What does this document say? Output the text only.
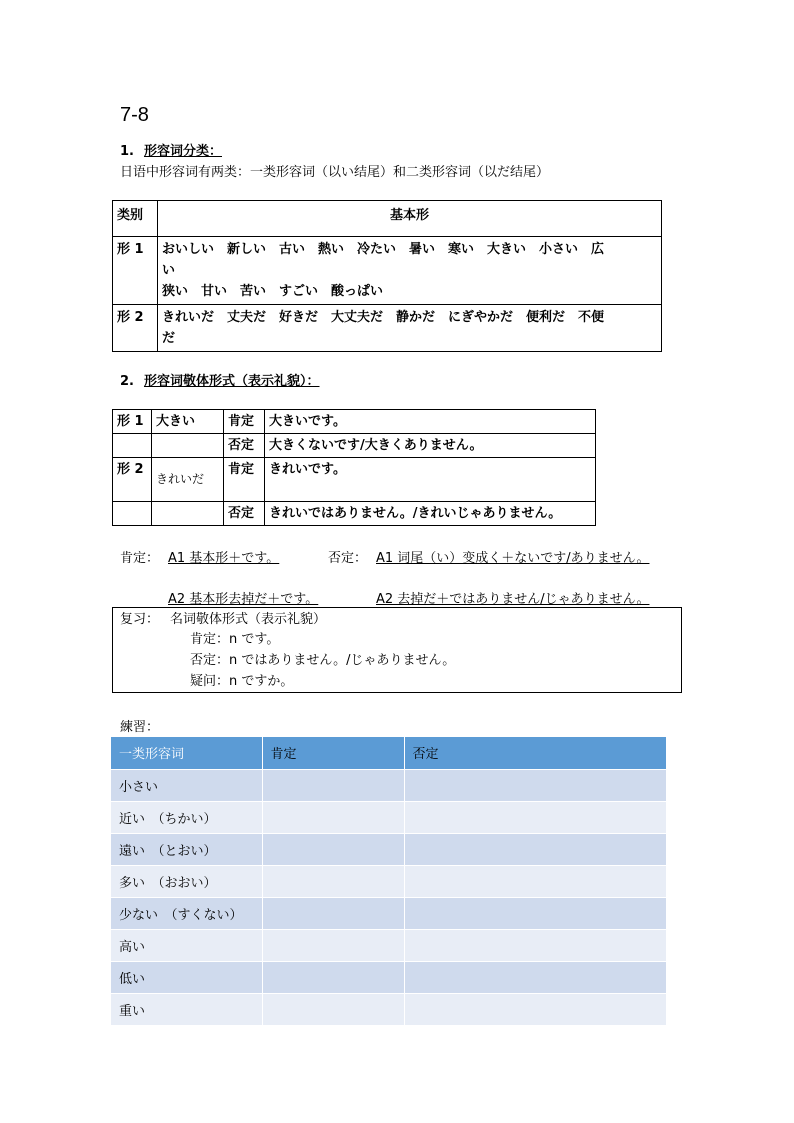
7-8
1. 形容词分类：
日语中形容词有两类：一类形容词（以い结尾）和二类形容词（以だ结尾）
类别	基本形
形 1	おいしい　新しい　古い　熱い　冷たい　暑い　寒い　大きい　小さい　広
い
狭い　甘い　苦い　すごい　酸っぱい

形 2	きれいだ　丈夫だ　好きだ　大丈夫だ　静かだ　にぎやかだ　便利だ　不便
だ
2. 形容词敬体形式（表示礼貌）：
形 1	大きい	肯定	大きいです。
		否定	大きくないです/大きくありません。
形 2	きれいだ	肯定	きれいです。
		否定	きれいではありません。/きれいじゃありません。
肯定： A1 基本形＋です。	否定： A1 词尾（い）变成く＋ないです/ありません。
A2 基本形去掉だ＋です。	A2 去掉だ＋ではありません/じゃありません。
复习： 名词敬体形式（表示礼貌）
肯定：n です。
否定：n ではありません。/じゃありません。
疑问：n ですか。
練習：
一类形容词	肯定	否定
小さい		
近い　（ちかい）		
遠い　（とおい）		
多い　（おおい）		
少ない　（すくない）		
高い		
低い		
重い		
